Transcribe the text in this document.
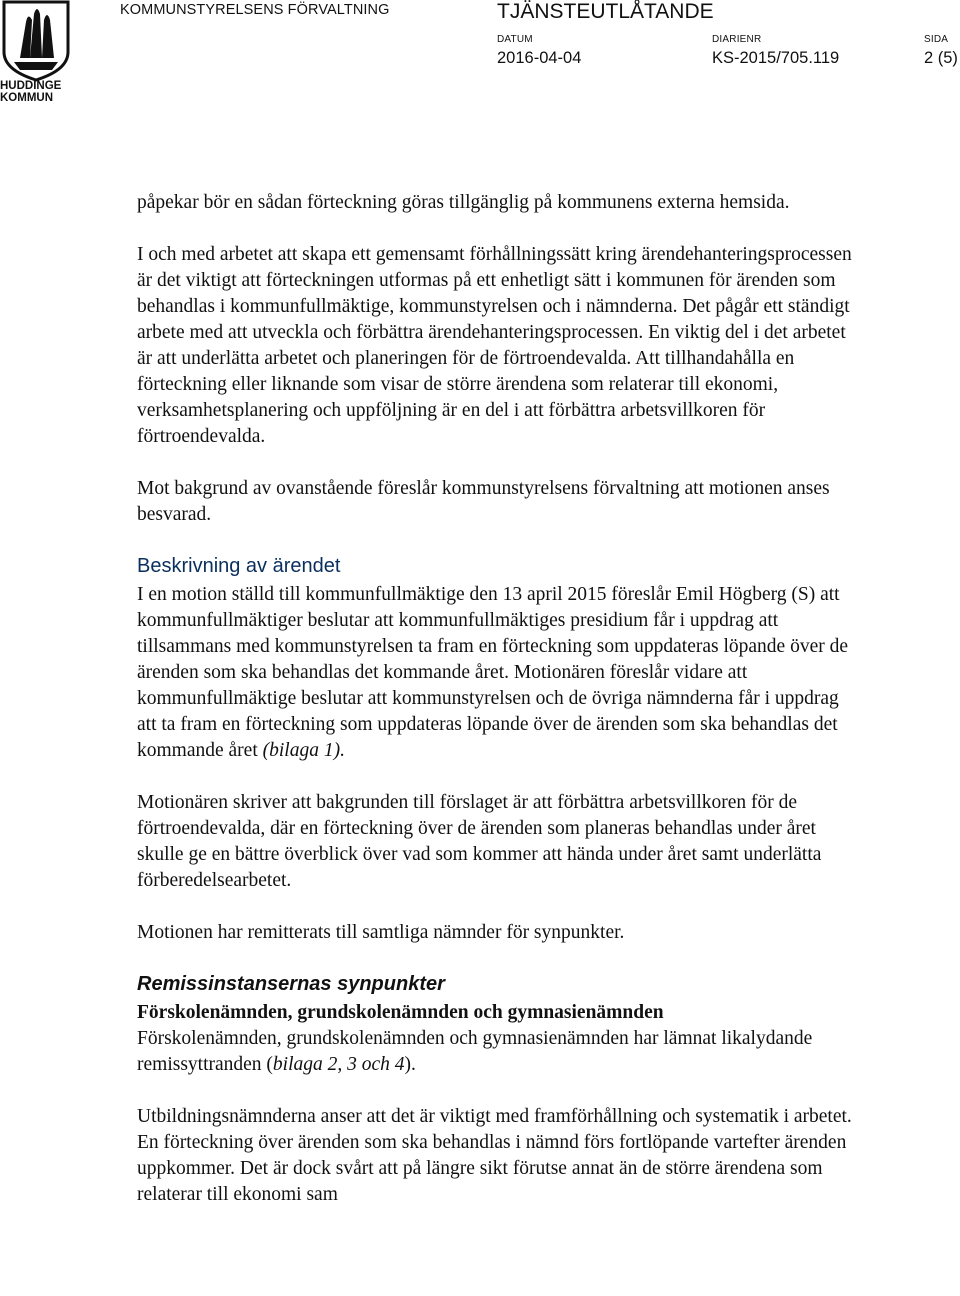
HUDDINGE
KOMMUN
KOMMUNSTYRELSENS FÖRVALTNING	TJÄNSTEUTLÅTANDE
DATUM
2016-04-04
DIARIENR
KS-2015/705.119
SIDA
2 (5)

påpekar bör en sådan förteckning göras tillgänglig på kommunens externa hemsida.

I och med arbetet att skapa ett gemensamt förhållningssätt kring ärendehanteringsprocessen är det viktigt att förteckningen utformas på ett enhetligt sätt i kommunen för ärenden som behandlas i kommunfullmäktige, kommunstyrelsen och i nämnderna. Det pågår ett ständigt arbete med att utveckla och förbättra ärendehanteringsprocessen. En viktig del i det arbetet är att underlätta arbetet och planeringen för de förtroendevalda. Att tillhandahålla en förteckning eller liknande som visar de större ärendena som relaterar till ekonomi, verksamhetsplanering och uppföljning är en del i att förbättra arbetsvillkoren för förtroendevalda.

Mot bakgrund av ovanstående föreslår kommunstyrelsens förvaltning att motionen anses besvarad.

Beskrivning av ärendet

I en motion ställd till kommunfullmäktige den 13 april 2015 föreslår Emil Högberg (S) att kommunfullmäktiger beslutar att kommunfullmäktiges presidium får i uppdrag att tillsammans med kommunstyrelsen ta fram en förteckning som uppdateras löpande över de ärenden som ska behandlas det kommande året. Motionären föreslår vidare att kommunfullmäktige beslutar att kommunstyrelsen och de övriga nämnderna får i uppdrag att ta fram en förteckning som uppdateras löpande över de ärenden som ska behandlas det kommande året (bilaga 1).

Motionären skriver att bakgrunden till förslaget är att förbättra arbetsvillkoren för de förtroendevalda, där en förteckning över de ärenden som planeras behandlas under året skulle ge en bättre överblick över vad som kommer att hända under året samt underlätta förberedelsearbetet.

Motionen har remitterats till samtliga nämnder för synpunkter.

Remissinstansernas synpunkter
Förskolenämnden, grundskolenämnden och gymnasienämnden

Förskolenämnden, grundskolenämnden och gymnasienämnden har lämnat likalydande remissyttranden (bilaga 2, 3 och 4).

Utbildningsnämnderna anser att det är viktigt med framförhållning och systematik i arbetet. En förteckning över ärenden som ska behandlas i nämnd förs fortlöpande vartefter ärenden uppkommer. Det är dock svårt att på längre sikt förutse annat än de större ärendena som relaterar till ekonomi sam
